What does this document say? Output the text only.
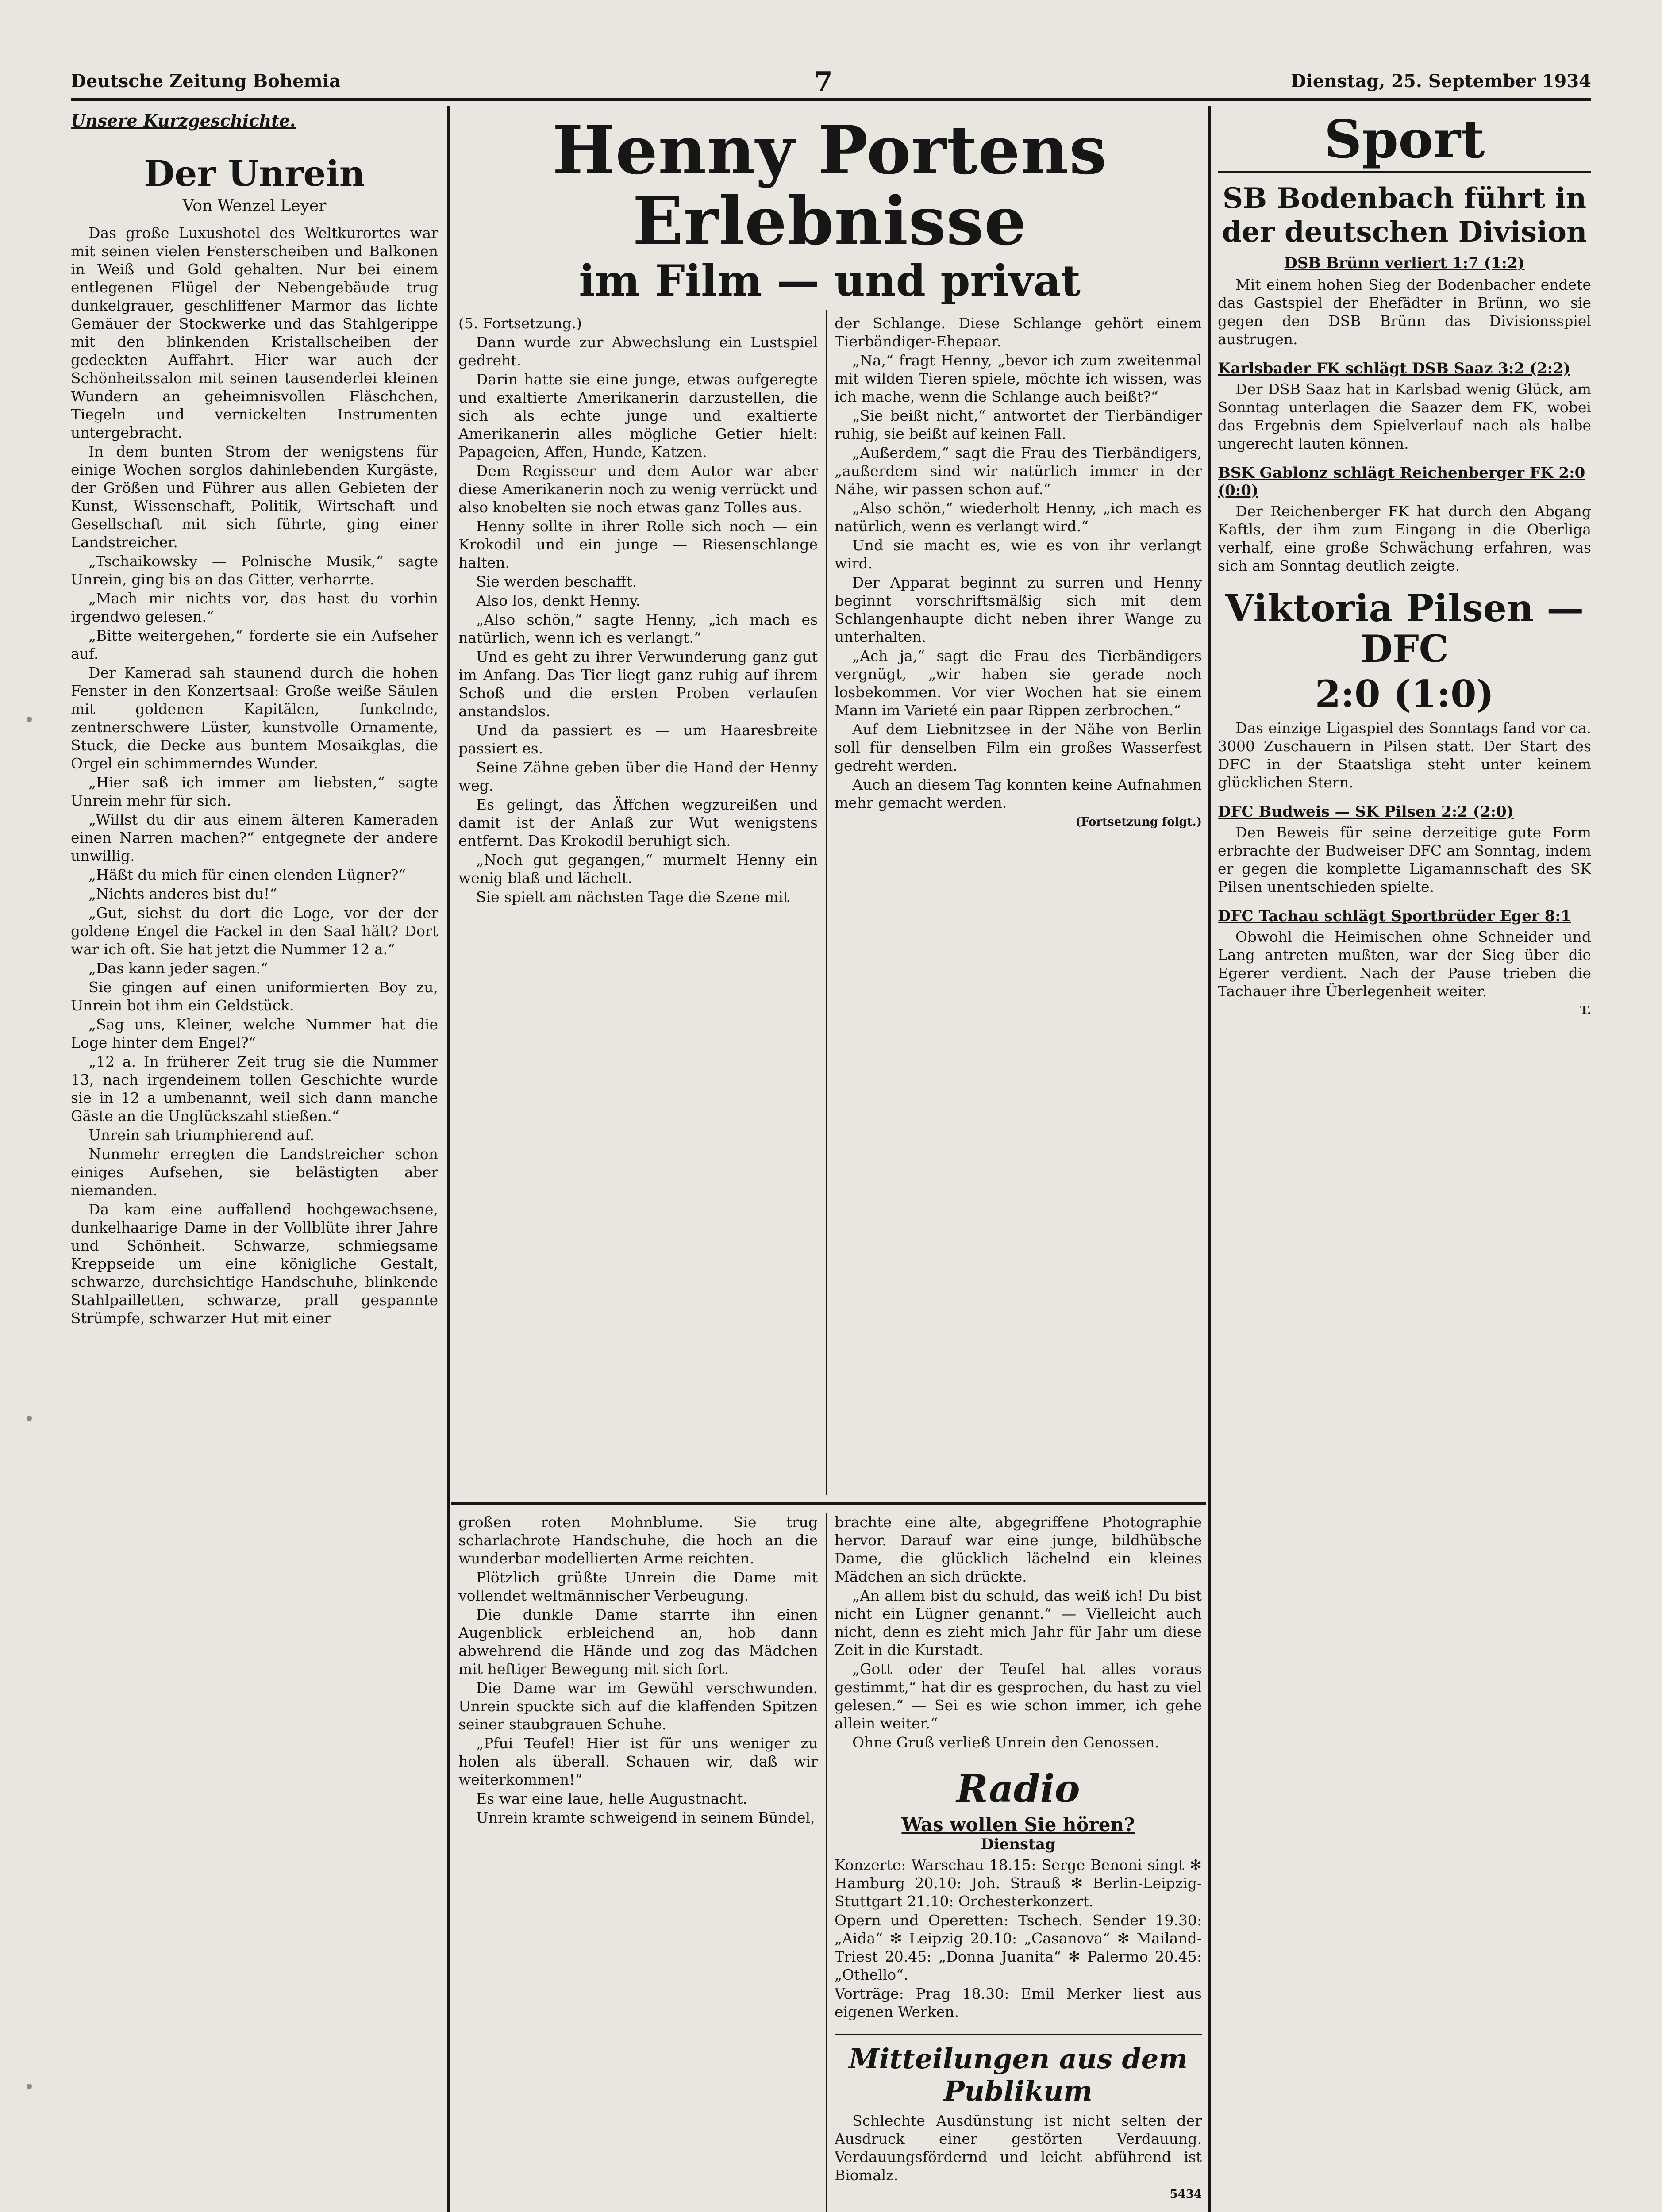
Deutsche Zeitung Bohemia	7	Dienstag, 25. September 1934
Unsere Kurzgeschichte.
Der Unrein
Von Wenzel Leyer

Das große Luxushotel des Weltkurortes war mit seinen vielen Fensterscheiben und Balkonen in Weiß und Gold gehalten. Nur bei einem entlegenen Flügel der Nebengebäude trug dunkelgrauer, geschliffener Marmor das lichte Gemäuer der Stockwerke und das Stahlgerippe mit den blinkenden Kristallscheiben der gedeckten Auffahrt. Hier war auch der Schönheitssalon mit seinen tausenderlei kleinen Wundern an geheimnisvollen Fläschchen, Tiegeln und vernickelten Instrumenten untergebracht.

In dem bunten Strom der wenigstens für einige Wochen sorglos dahinlebenden Kurgäste, der Größen und Führer aus allen Gebieten der Kunst, Wissenschaft, Politik, Wirtschaft und Gesellschaft mit sich führte, ging einer Landstreicher.

„Tschaikowsky — Polnische Musik,“ sagte Unrein, ging bis an das Gitter, verharrte.

„Mach mir nichts vor, das hast du vorhin irgendwo gelesen.“

„Bitte weitergehen,“ forderte sie ein Aufseher auf.

Der Kamerad sah staunend durch die hohen Fenster in den Konzertsaal: Große weiße Säulen mit goldenen Kapitälen, funkelnde, zentnerschwere Lüster, kunstvolle Ornamente, Stuck, die Decke aus buntem Mosaikglas, die Orgel ein schimmerndes Wunder.

„Hier saß ich immer am liebsten,“ sagte Unrein mehr für sich.

„Willst du dir aus einem älteren Kameraden einen Narren machen?“ entgegnete der andere unwillig.

„Häßt du mich für einen elenden Lügner?“

„Nichts anderes bist du!“

„Gut, siehst du dort die Loge, vor der der goldene Engel die Fackel in den Saal hält? Dort war ich oft. Sie hat jetzt die Nummer 12 a.“

„Das kann jeder sagen.“

Sie gingen auf einen uniformierten Boy zu, Unrein bot ihm ein Geldstück.

„Sag uns, Kleiner, welche Nummer hat die Loge hinter dem Engel?“

„12 a. In früherer Zeit trug sie die Nummer 13, nach irgendeinem tollen Geschichte wurde sie in 12 a umbenannt, weil sich dann manche Gäste an die Unglückszahl stießen.“

Unrein sah triumphierend auf.

Nunmehr erregten die Landstreicher schon einiges Aufsehen, sie belästigten aber niemanden.

Da kam eine auffallend hochgewachsene, dunkelhaarige Dame in der Vollblüte ihrer Jahre und Schönheit. Schwarze, schmiegsame Kreppseide um eine königliche Gestalt, schwarze, durchsichtige Handschuhe, blinkende Stahlpailletten, schwarze, prall gespannte Strümpfe, schwarzer Hut mit einer

Henny Portens Erlebnisse
im Film — und privat

(5. Fortsetzung.)

Dann wurde zur Abwechslung ein Lustspiel gedreht.

Darin hatte sie eine junge, etwas aufgeregte und exaltierte Amerikanerin darzustellen, die sich als echte junge und exaltierte Amerikanerin alles mögliche Getier hielt: Papageien, Affen, Hunde, Katzen.

Dem Regisseur und dem Autor war aber diese Amerikanerin noch zu wenig verrückt und also knobelten sie noch etwas ganz Tolles aus.

Henny sollte in ihrer Rolle sich noch — ein Krokodil und ein junge — Riesenschlange halten.

Sie werden beschafft.

Also los, denkt Henny.

„Also schön,“ sagte Henny, „ich mach es natürlich, wenn ich es verlangt.“

Und es geht zu ihrer Verwunderung ganz gut im Anfang. Das Tier liegt ganz ruhig auf ihrem Schoß und die ersten Proben verlaufen anstandslos.

Und da passiert es — um Haaresbreite passiert es.

Seine Zähne geben über die Hand der Henny weg.

Es gelingt, das Äffchen wegzureißen und damit ist der Anlaß zur Wut wenigstens entfernt. Das Krokodil beruhigt sich.

„Noch gut gegangen,“ murmelt Henny ein wenig blaß und lächelt.

Sie spielt am nächsten Tage die Szene mit

der Schlange. Diese Schlange gehört einem Tierbändiger-Ehepaar.

„Na,“ fragt Henny, „bevor ich zum zweitenmal mit wilden Tieren spiele, möchte ich wissen, was ich mache, wenn die Schlange auch beißt?“

„Sie beißt nicht,“ antwortet der Tierbändiger ruhig, sie beißt auf keinen Fall.

„Außerdem,“ sagt die Frau des Tierbändigers, „außerdem sind wir natürlich immer in der Nähe, wir passen schon auf.“

„Also schön,“ wiederholt Henny, „ich mach es natürlich, wenn es verlangt wird.“

Und sie macht es, wie es von ihr verlangt wird.

Der Apparat beginnt zu surren und Henny beginnt vorschriftsmäßig sich mit dem Schlangenhaupte dicht neben ihrer Wange zu unterhalten.

„Ach ja,“ sagt die Frau des Tierbändigers vergnügt, „wir haben sie gerade noch losbekommen. Vor vier Wochen hat sie einem Mann im Varieté ein paar Rippen zerbrochen.“

Auf dem Liebnitzsee in der Nähe von Berlin soll für denselben Film ein großes Wasserfest gedreht werden.

Auch an diesem Tag konnten keine Aufnahmen mehr gemacht werden.

(Fortsetzung folgt.)

großen roten Mohnblume. Sie trug scharlachrote Handschuhe, die hoch an die wunderbar modellierten Arme reichten.

Plötzlich grüßte Unrein die Dame mit vollendet weltmännischer Verbeugung.

Die dunkle Dame starrte ihn einen Augenblick erbleichend an, hob dann abwehrend die Hände und zog das Mädchen mit heftiger Bewegung mit sich fort.

Die Dame war im Gewühl verschwunden. Unrein spuckte sich auf die klaffenden Spitzen seiner staubgrauen Schuhe.

„Pfui Teufel! Hier ist für uns weniger zu holen als überall. Schauen wir, daß wir weiterkommen!“

Es war eine laue, helle Augustnacht.

Unrein kramte schweigend in seinem Bündel,

brachte eine alte, abgegriffene Photographie hervor. Darauf war eine junge, bildhübsche Dame, die glücklich lächelnd ein kleines Mädchen an sich drückte.

„An allem bist du schuld, das weiß ich! Du bist nicht ein Lügner genannt.“ — Vielleicht auch nicht, denn es zieht mich Jahr für Jahr um diese Zeit in die Kurstadt.

„Gott oder der Teufel hat alles voraus gestimmt,“ hat dir es gesprochen, du hast zu viel gelesen.“ — Sei es wie schon immer, ich gehe allein weiter.“

Ohne Gruß verließ Unrein den Genossen.

Radio
Was wollen Sie hören?
Dienstag

Konzerte: Warschau 18.15: Serge Benoni singt ✻ Hamburg 20.10: Joh. Strauß ✻ Berlin-Leipzig-Stuttgart 21.10: Orchesterkonzert.

Opern und Operetten: Tschech. Sender 19.30: „Aida“ ✻ Leipzig 20.10: „Casanova“ ✻ Mailand-Triest 20.45: „Donna Juanita“ ✻ Palermo 20.45: „Othello“.

Vorträge: Prag 18.30: Emil Merker liest aus eigenen Werken.

Mitteilungen aus dem Publikum

Schlechte Ausdünstung ist nicht selten der Ausdruck einer gestörten Verdauung. Verdauungsfördernd und leicht abführend ist Biomalz.

5434
Sport
SB Bodenbach führt in der deutschen Division
DSB Brünn verliert 1:7 (1:2)

Mit einem hohen Sieg der Bodenbacher endete das Gastspiel der Ehefädter in Brünn, wo sie gegen den DSB Brünn das Divisionsspiel austrugen.

Karlsbader FK schlägt DSB Saaz 3:2 (2:2)

Der DSB Saaz hat in Karlsbad wenig Glück, am Sonntag unterlagen die Saazer dem FK, wobei das Ergebnis dem Spielverlauf nach als halbe ungerecht lauten können.

BSK Gablonz schlägt Reichenberger FK 2:0 (0:0)

Der Reichenberger FK hat durch den Abgang Kaftls, der ihm zum Eingang in die Oberliga verhalf, eine große Schwächung erfahren, was sich am Sonntag deutlich zeigte.

Viktoria Pilsen — DFC
2:0 (1:0)

Das einzige Ligaspiel des Sonntags fand vor ca. 3000 Zuschauern in Pilsen statt. Der Start des DFC in der Staatsliga steht unter keinem glücklichen Stern.

DFC Budweis — SK Pilsen 2:2 (2:0)

Den Beweis für seine derzeitige gute Form erbrachte der Budweiser DFC am Sonntag, indem er gegen die komplette Ligamannschaft des SK Pilsen unentschieden spielte.

DFC Tachau schlägt Sportbrüder Eger 8:1

Obwohl die Heimischen ohne Schneider und Lang antreten mußten, war der Sieg über die Egerer verdient. Nach der Pause trieben die Tachauer ihre Überlegenheit weiter.

T.
